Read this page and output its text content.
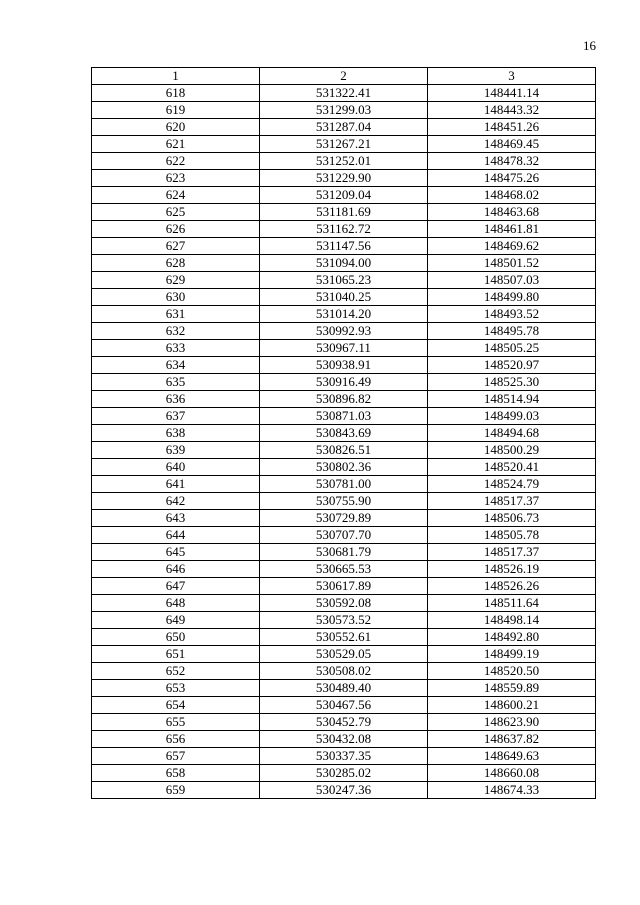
16
1	2	3
618	531322.41	148441.14
619	531299.03	148443.32
620	531287.04	148451.26
621	531267.21	148469.45
622	531252.01	148478.32
623	531229.90	148475.26
624	531209.04	148468.02
625	531181.69	148463.68
626	531162.72	148461.81
627	531147.56	148469.62
628	531094.00	148501.52
629	531065.23	148507.03
630	531040.25	148499.80
631	531014.20	148493.52
632	530992.93	148495.78
633	530967.11	148505.25
634	530938.91	148520.97
635	530916.49	148525.30
636	530896.82	148514.94
637	530871.03	148499.03
638	530843.69	148494.68
639	530826.51	148500.29
640	530802.36	148520.41
641	530781.00	148524.79
642	530755.90	148517.37
643	530729.89	148506.73
644	530707.70	148505.78
645	530681.79	148517.37
646	530665.53	148526.19
647	530617.89	148526.26
648	530592.08	148511.64
649	530573.52	148498.14
650	530552.61	148492.80
651	530529.05	148499.19
652	530508.02	148520.50
653	530489.40	148559.89
654	530467.56	148600.21
655	530452.79	148623.90
656	530432.08	148637.82
657	530337.35	148649.63
658	530285.02	148660.08
659	530247.36	148674.33
